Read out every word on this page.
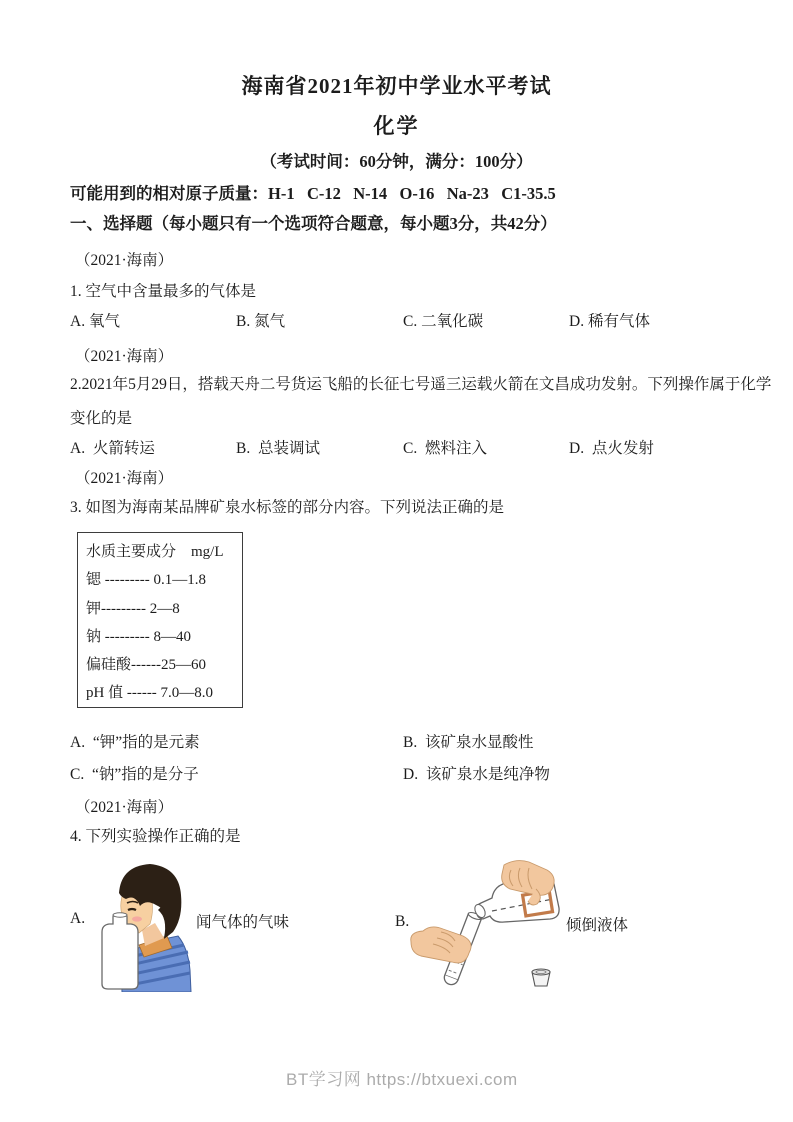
海南省2021年初中学业水平考试
化学
（考试时间：60分钟，满分：100分）
可能用到的相对原子质量：H-1   C-12   N-14   O-16   Na-23   C1-35.5
一、选择题（每小题只有一个选项符合题意，每小题3分，共42分）
（2021·海南）
1. 空气中含量最多的气体是
A. 氧气	B. 氮气	C. 二氧化碳	D. 稀有气体
（2021·海南）
2.2021年5月29日，搭载天舟二号货运飞船的长征七号遥三运载火箭在文昌成功发射。下列操作属于化学
变化的是
A.  火箭转运	B.  总装调试	C.  燃料注入	D.  点火发射
（2021·海南）
3. 如图为海南某品牌矿泉水标签的部分内容。下列说法正确的是
水质主要成分    mg/L
锶 --------- 0.1—1.8
钾--------- 2—8
钠 --------- 8—40
偏硅酸------25—60
pH 值 ------ 7.0—8.0
A.  “钾”指的是元素	B.  该矿泉水显酸性
C.  “钠”指的是分子	D.  该矿泉水是纯净物
（2021·海南）
4. 下列实验操作正确的是
A.	闻气体的气味	B.	倾倒液体
BT学习网 https://btxuexi.com
